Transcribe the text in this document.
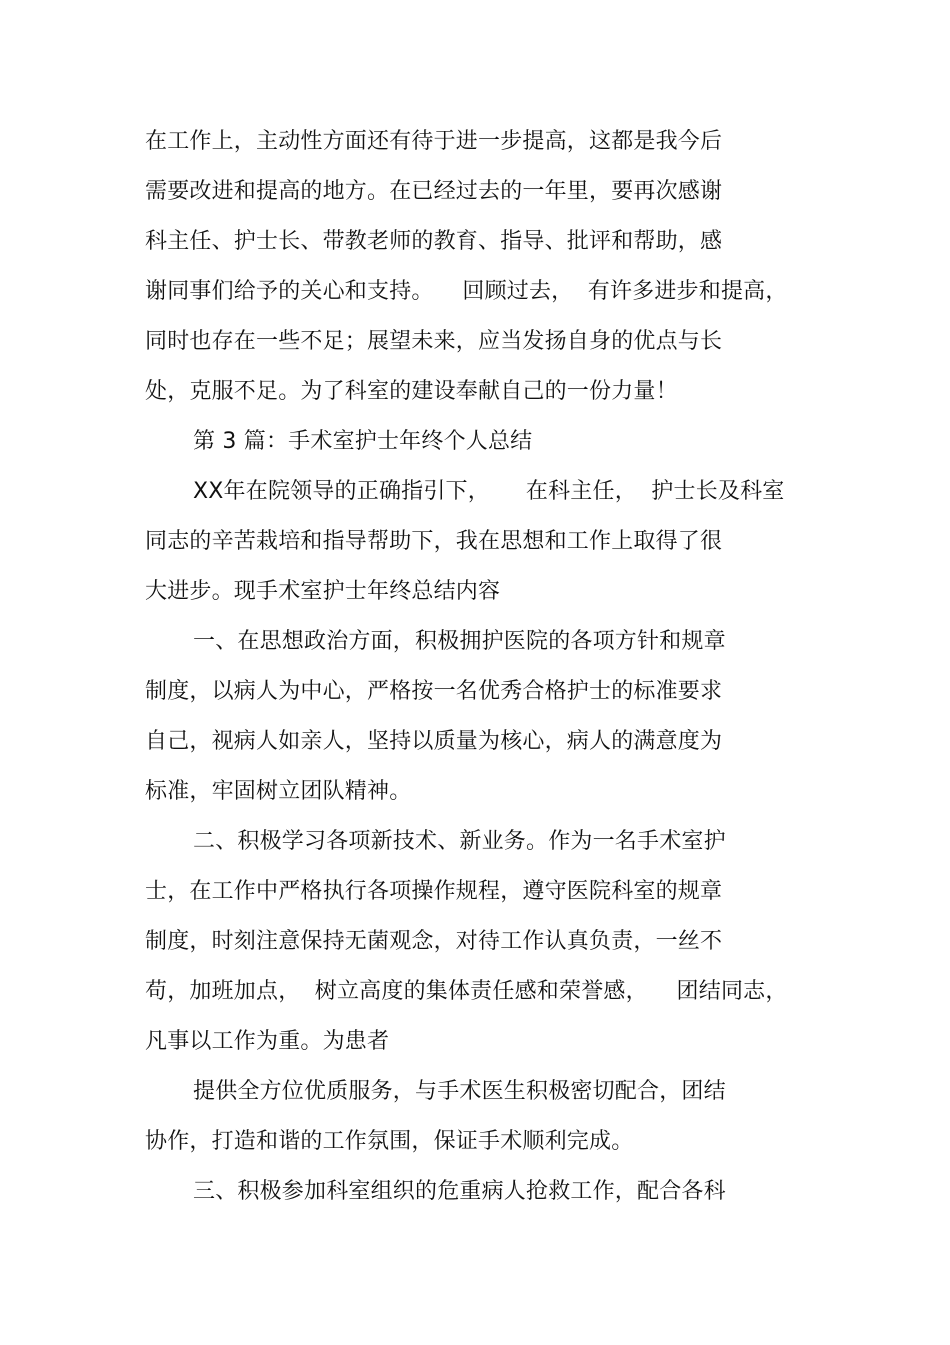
在工作上，主动性方面还有待于进一步提高，这都是我今后
需要改进和提高的地方。在已经过去的一年里，要再次感谢
科主任、护士长、带教老师的教育、指导、批评和帮助，感
谢同事们给予的关心和支持。    回顾过去，  有许多进步和提高，
同时也存在一些不足；展望未来，应当发扬自身的优点与长
处，克服不足。为了科室的建设奉献自己的一份力量！
第 3 篇：手术室护士年终个人总结
XX年在院领导的正确指引下，     在科主任，  护士长及科室
同志的辛苦栽培和指导帮助下，我在思想和工作上取得了很
大进步。现手术室护士年终总结内容
一、在思想政治方面，积极拥护医院的各项方针和规章
制度，以病人为中心，严格按一名优秀合格护士的标准要求
自己，视病人如亲人，坚持以质量为核心，病人的满意度为
标准，牢固树立团队精神。
二、积极学习各项新技术、新业务。作为一名手术室护
士，在工作中严格执行各项操作规程，遵守医院科室的规章
制度，时刻注意保持无菌观念，对待工作认真负责，一丝不
苟，加班加点，  树立高度的集体责任感和荣誉感，    团结同志，
凡事以工作为重。为患者
提供全方位优质服务，与手术医生积极密切配合，团结
协作，打造和谐的工作氛围，保证手术顺利完成。
三、积极参加科室组织的危重病人抢救工作，配合各科
